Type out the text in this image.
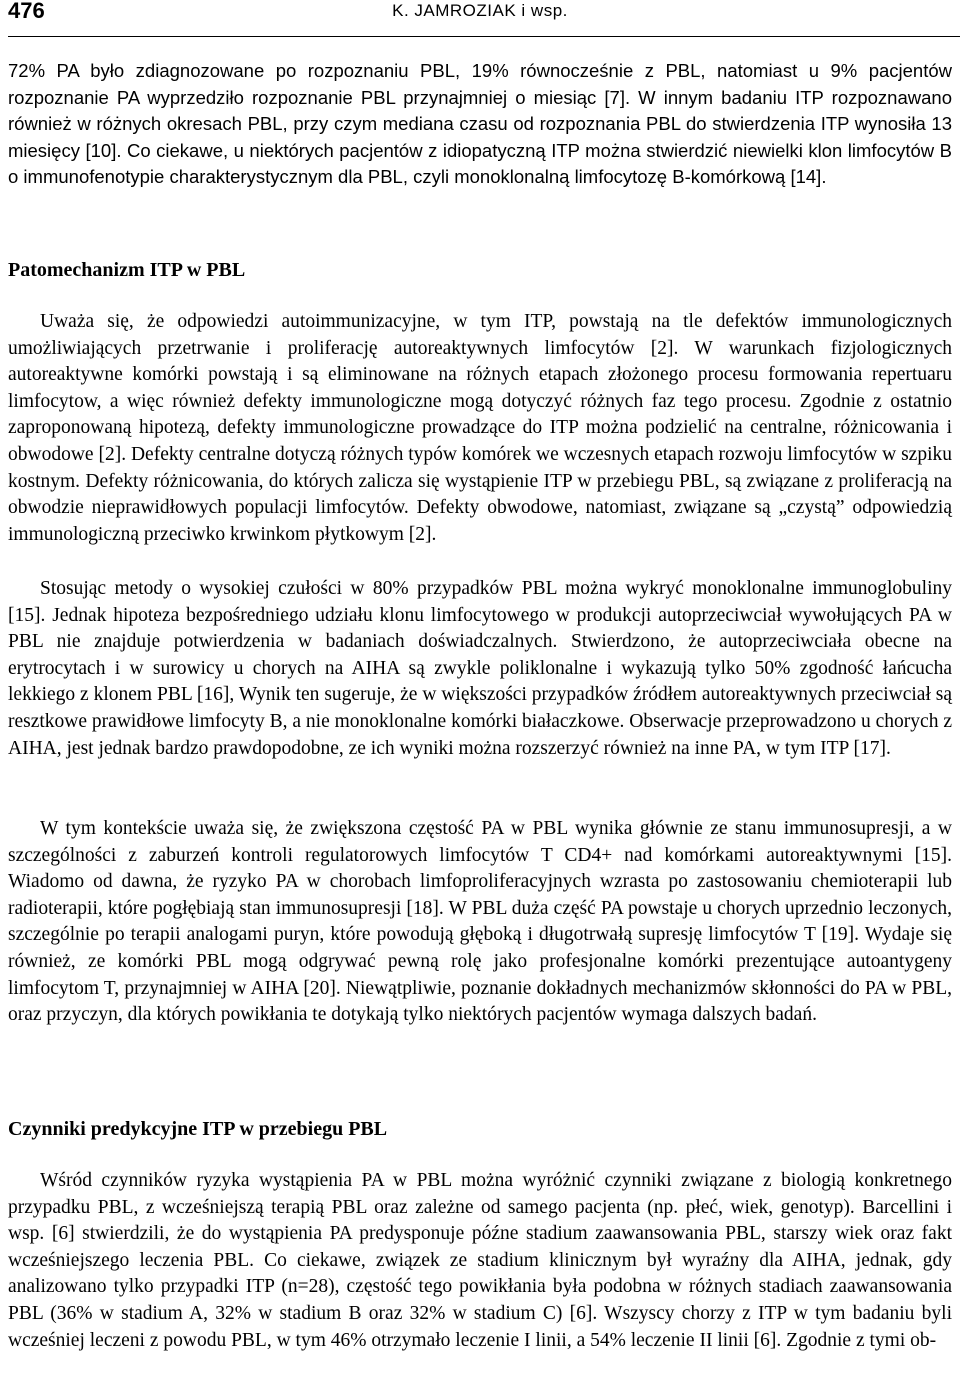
476	K. JAMROZIAK i wsp.

72% PA było zdiagnozowane po rozpoznaniu PBL, 19% równocześnie z PBL, natomiast u 9% pacjentów rozpoznanie PA wyprzedziło rozpoznanie PBL przynajmniej o miesiąc [7]. W innym badaniu ITP rozpoznawano również w różnych okresach PBL, przy czym mediana czasu od rozpoznania PBL do stwierdzenia ITP wynosiła 13 miesięcy [10]. Co ciekawe, u niektórych pacjentów z idiopatyczną ITP można stwierdzić niewielki klon limfocytów B o immunofenotypie charakterystycznym dla PBL, czyli monoklonalną limfocytozę B-komórkową [14].

Patomechanizm ITP w PBL

Uważa się, że odpowiedzi autoimmunizacyjne, w tym ITP, powstają na tle defektów immunologicznych umożliwiających przetrwanie i proliferację autoreaktywnych limfocytów [2]. W warunkach fizjologicznych autoreaktywne komórki powstają i są eliminowane na różnych etapach złożonego procesu formowania repertuaru limfocytow, a więc również defekty immunologiczne mogą dotyczyć różnych faz tego procesu. Zgodnie z ostatnio zaproponowaną hipotezą, defekty immunologiczne prowadzące do ITP można podzielić na centralne, różnicowania i obwodowe [2]. Defekty centralne dotyczą różnych typów komórek we wczesnych etapach rozwoju limfocytów w szpiku kostnym. Defekty różnicowania, do których zalicza się wystąpienie ITP w przebiegu PBL, są związane z proliferacją na obwodzie nieprawidłowych populacji limfocytów. Defekty obwodowe, natomiast, związane są „czystą” odpowiedzią immunologiczną przeciwko krwinkom płytkowym [2].

Stosując metody o wysokiej czułości w 80% przypadków PBL można wykryć monoklonalne immunoglobuliny [15]. Jednak hipoteza bezpośredniego udziału klonu limfocytowego w produkcji autoprzeciwciał wywołujących PA w PBL nie znajduje potwierdzenia w badaniach doświadczalnych. Stwierdzono, że autoprzeciwciała obecne na erytrocytach i w surowicy u chorych na AIHA są zwykle poliklonalne i wykazują tylko 50% zgodność łańcucha lekkiego z klonem PBL [16], Wynik ten sugeruje, że w większości przypadków źródłem autoreaktywnych przeciwciał są resztkowe prawidłowe limfocyty B, a nie monoklonalne komórki białaczkowe. Obserwacje przeprowadzono u chorych z AIHA, jest jednak bardzo prawdopodobne, ze ich wyniki można rozszerzyć również na inne PA, w tym ITP [17].

W tym kontekście uważa się, że zwiększona częstość PA w PBL wynika głównie ze stanu immunosupresji, a w szczególności z zaburzeń kontroli regulatorowych limfocytów T CD4+ nad komórkami autoreaktywnymi [15]. Wiadomo od dawna, że ryzyko PA w chorobach limfoproliferacyjnych wzrasta po zastosowaniu chemioterapii lub radioterapii, które pogłębiają stan immunosupresji [18]. W PBL duża część PA powstaje u chorych uprzednio leczonych, szczególnie po terapii analogami puryn, które powodują głęboką i długotrwałą supresję limfocytów T [19]. Wydaje się również, ze komórki PBL mogą odgrywać pewną rolę jako profesjonalne komórki prezentujące autoantygeny limfocytom T, przynajmniej w AIHA [20]. Niewątpliwie, poznanie dokładnych mechanizmów skłonności do PA w PBL, oraz przyczyn, dla których powikłania te dotykają tylko niektórych pacjentów wymaga dalszych badań.

Czynniki predykcyjne ITP w przebiegu PBL

Wśród czynników ryzyka wystąpienia PA w PBL można wyróżnić czynniki związane z biologią konkretnego przypadku PBL, z wcześniejszą terapią PBL oraz zależne od samego pacjenta (np. płeć, wiek, genotyp). Barcellini i wsp. [6] stwierdzili, że do wystąpienia PA predysponuje późne stadium zaawansowania PBL, starszy wiek oraz fakt wcześniejszego leczenia PBL. Co ciekawe, związek ze stadium klinicznym był wyraźny dla AIHA, jednak, gdy analizowano tylko przypadki ITP (n=28), częstość tego powikłania była podobna w różnych stadiach zaawansowania PBL (36% w stadium A, 32% w stadium B oraz 32% w stadium C) [6]. Wszyscy chorzy z ITP w tym badaniu byli wcześniej leczeni z powodu PBL, w tym 46% otrzymało leczenie I linii, a 54% leczenie II linii [6]. Zgodnie z tymi ob-
